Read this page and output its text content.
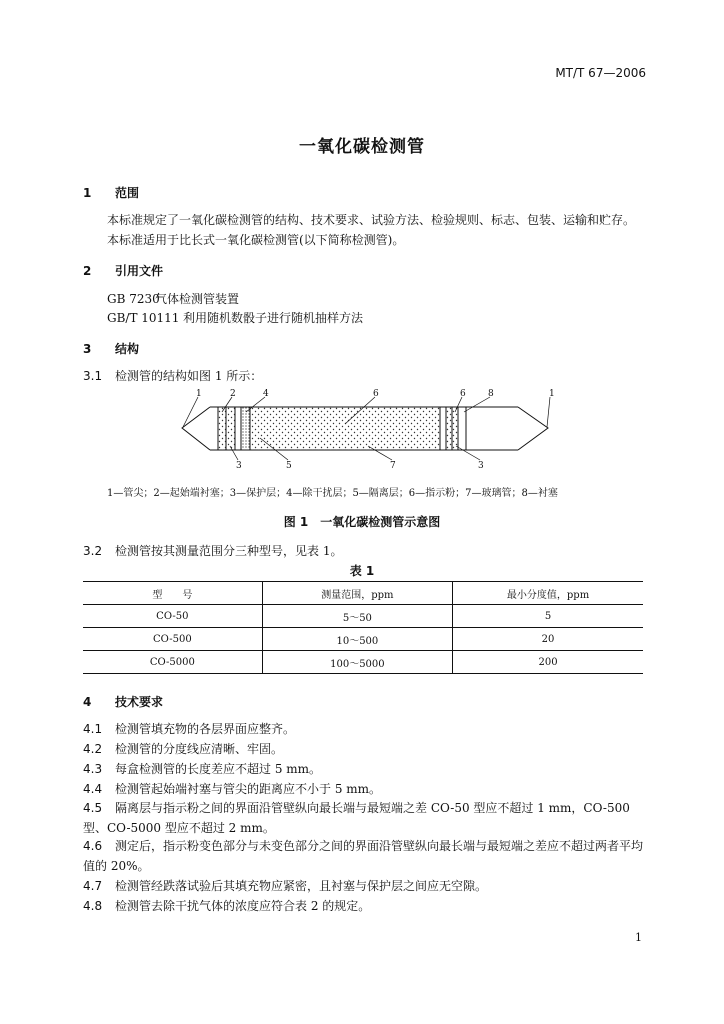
MT/T 67—2006
一氧化碳检测管
1 范围
本标准规定了一氧化碳检测管的结构、技术要求、试验方法、检验规则、标志、包装、运输和贮存。
本标准适用于比长式一氧化碳检测管(以下简称检测管)。
2 引用文件
GB 7230气体检测管装置
GB/T 10111 利用随机数骰子进行随机抽样方法
3 结构
3.1 检测管的结构如图 1 所示：
1	2	4	6	6 8	1
3	5	7	3
1—管尖；2—起始端衬塞；3—保护层；4—除干扰层；5—隔离层；6—指示粉；7—玻璃管；8—衬塞
图 1　一氧化碳检测管示意图
3.2 检测管按其测量范围分三种型号，见表 1。
表 1
型　　号	测量范围，ppm	最小分度值，ppm
CO-50	5～50	5
CO-500	10～500	20
CO-5000	100～5000	200
4 技术要求
4.1 检测管填充物的各层界面应整齐。
4.2 检测管的分度线应清晰、牢固。
4.3 每盒检测管的长度差应不超过 5 mm。
4.4 检测管起始端衬塞与管尖的距离应不小于 5 mm。
4.5 隔离层与指示粉之间的界面沿管壁纵向最长端与最短端之差 CO-50 型应不超过 1 mm，CO-500 型、CO-5000 型应不超过 2 mm。
4.6 测定后，指示粉变色部分与未变色部分之间的界面沿管壁纵向最长端与最短端之差应不超过两者平均值的 20%。
4.7 检测管经跌落试验后其填充物应紧密，且衬塞与保护层之间应无空隙。
4.8 检测管去除干扰气体的浓度应符合表 2 的规定。
1
